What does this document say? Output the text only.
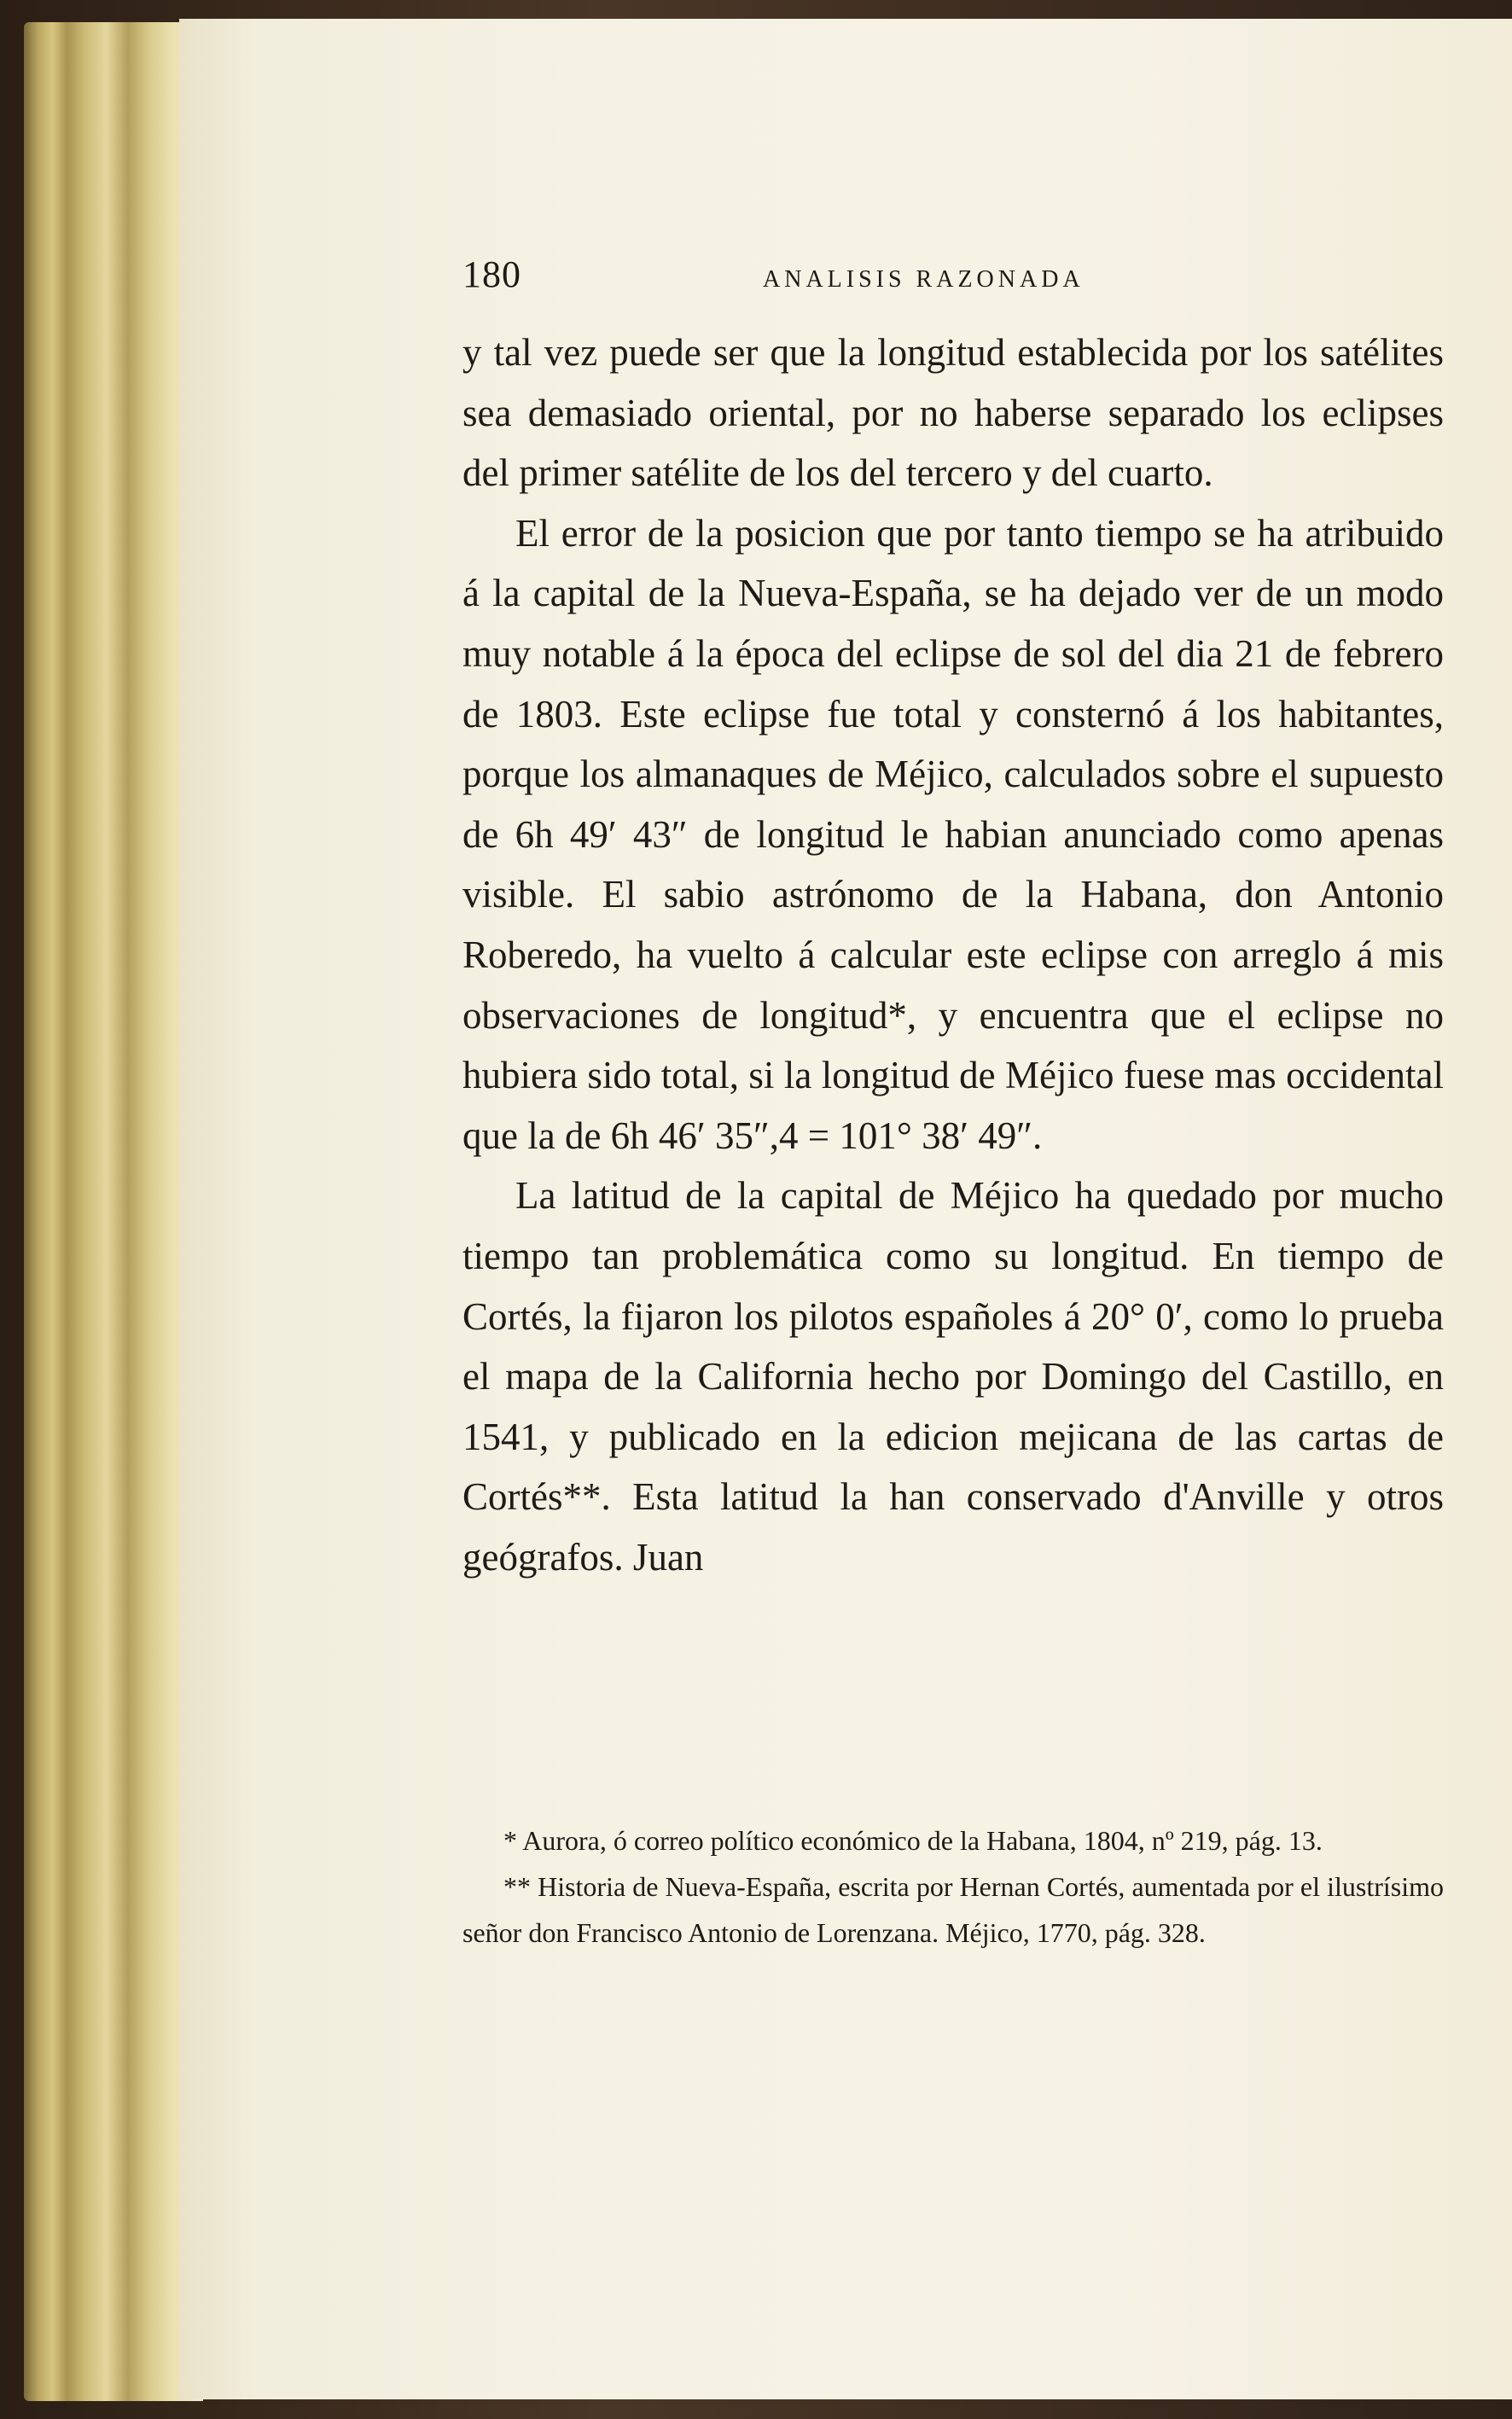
180	ANALISIS RAZONADA

y tal vez puede ser que la longitud establecida por los satélites sea demasiado oriental, por no haberse separado los eclipses del primer satélite de los del tercero y del cuarto.

El error de la posicion que por tanto tiempo se ha atribuido á la capital de la Nueva-España, se ha dejado ver de un modo muy notable á la época del eclipse de sol del dia 21 de febrero de 1803. Este eclipse fue total y consternó á los habitantes, porque los almanaques de Méjico, calculados sobre el supuesto de 6h 49′ 43″ de longitud le habian anunciado como apenas visible. El sabio astrónomo de la Habana, don Antonio Roberedo, ha vuelto á calcular este eclipse con arreglo á mis observaciones de longitud*, y encuentra que el eclipse no hubiera sido total, si la longitud de Méjico fuese mas occidental que la de 6h 46′ 35″,4 = 101° 38′ 49″.

La latitud de la capital de Méjico ha quedado por mucho tiempo tan problemática como su longitud. En tiempo de Cortés, la fijaron los pilotos españoles á 20° 0′, como lo prueba el mapa de la California hecho por Domingo del Castillo, en 1541, y publicado en la edicion mejicana de las cartas de Cortés**. Esta latitud la han conservado d'Anville y otros geógrafos. Juan

* Aurora, ó correo político económico de la Habana, 1804, nº 219, pág. 13.

** Historia de Nueva-España, escrita por Hernan Cortés, aumentada por el ilustrísimo señor don Francisco Antonio de Lorenzana. Méjico, 1770, pág. 328.
